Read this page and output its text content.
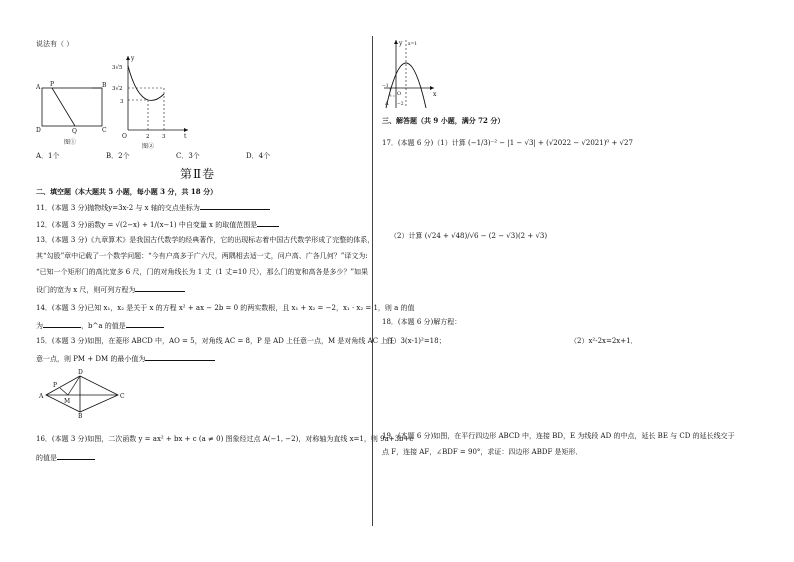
说法有（ ）
A P	B
D	Q	C
图①
y
t
O
3√5
3√2
3
2 3
图②
A．1个	B．2个	C．3个	D．4个
第Ⅱ卷
二、填空题（本大题共 5 小题，每小题 3 分，共 18 分）
11．(本题 3 分)抛物线y=3x-2 与 x 轴的交点坐标为
12．(本题 3 分)函数y = √(2−x) + 1/(x−1) 中自变量 x 的取值范围是
13．(本题 3 分)《九章算术》是我国古代数学的经典著作，它的出现标志着中国古代数学形成了完整的体系，
其“勾股”章中记载了一个数学问题：“今有户高多于广六尺，两隅相去适一丈，问户高、广各几何？”译文为:
“已知一个矩形门的高比宽多 6 尺，门的对角线长为 1 丈（1 丈=10 尺），那么门的宽和高各是多少？”如果
设门的宽为 x 尺，则可列方程为
14．(本题 3 分)已知 x₁，x₂ 是关于 x 的方程 x² + ax − 2b = 0 的两实数根，且 x₁ + x₂ = −2，x₁ · x₂ = 1，则 a 的值
为	，b^a 的值是
15．(本题 3 分)如图，在菱形 ABCD 中，AO = 5，对角线 AC = 8，P 是 AD 上任意一点，M 是对角线 AC 上任
意一点，则 PM + DM 的最小值为
A
D
C
B
P
M
16．(本题 3 分)如图，二次函数 y = ax² + bx + c (a ≠ 0) 图象经过点 A(−1, −2)，对称轴为直线 x=1，则 9a+3b+c
的值是
y
x
O
A
−1
−2
x=1
三、解答题（共 9 小题，满分 72 分）
17．(本题 6 分)（1）计算 (−1/3)⁻² − |1 − √3| + (√2022 − √2021)⁰ + √27
（2）计算 (√24 + √48)/√6 − (2 − √3)(2 + √3)
18．(本题 6 分)解方程：
（1）3(x-1)²=18；	（2）x²-2x=2x+1．
19．(本题 6 分)如图，在平行四边形 ABCD 中，连接 BD，E 为线段 AD 的中点，延长 BE 与 CD 的延长线交于
点 F，连接 AF，∠BDF = 90°，求证：四边形 ABDF 是矩形．
